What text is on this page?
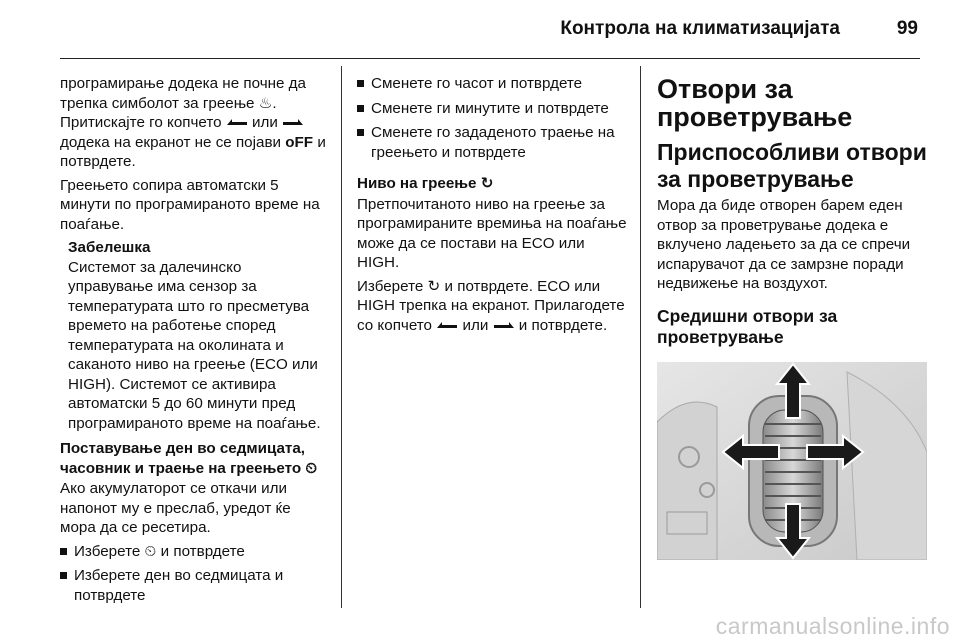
Контрола на климатизацијата	99

програмирање додека не почне да трепка симболот за греење ♨. Притискајте го копчето или  додека на екранот не се појави oFF и потврдете.

Греењето сопира автоматски 5 минути по програмираното време на поаѓање.

Забелешка
Системот за далечинско управување има сензор за температурата што го пресметува времето на работење според температурата на околината и саканото ниво на греење (ECO или HIGH). Системот се активира автоматски 5 до 60 минути пред програмираното време на поаѓање.
Поставување ден во седмицата, часовник и траење на греењето ⏲

Ако акумулаторот се откачи или напонот му е преслаб, уредот ќе мора да се ресетира.

Изберете ⏲ и потврдете
Изберете ден во седмицата и потврдете
Сменете го часот и потврдете
Сменете ги минутите и потврдете
Сменете го зададеното траење на греењето и потврдете
Ниво на греење ↻

Претпочитаното ниво на греење за програмираните времиња на поаѓање може да се постави на ECO или HIGH.

Изберете ↻ и потврдете. ECO или HIGH трепка на екранот. Прилагодете со копчето или и потврдете.

Отвори за проветрување
Приспособливи отвори за проветрување

Мора да биде отворен барем еден отвор за проветрување додека е вклучено ладењето за да се спречи испарувачот да се замрзне поради недвижење на воздухот.

Средишни отвори за проветрување
carmanualsonline.info
